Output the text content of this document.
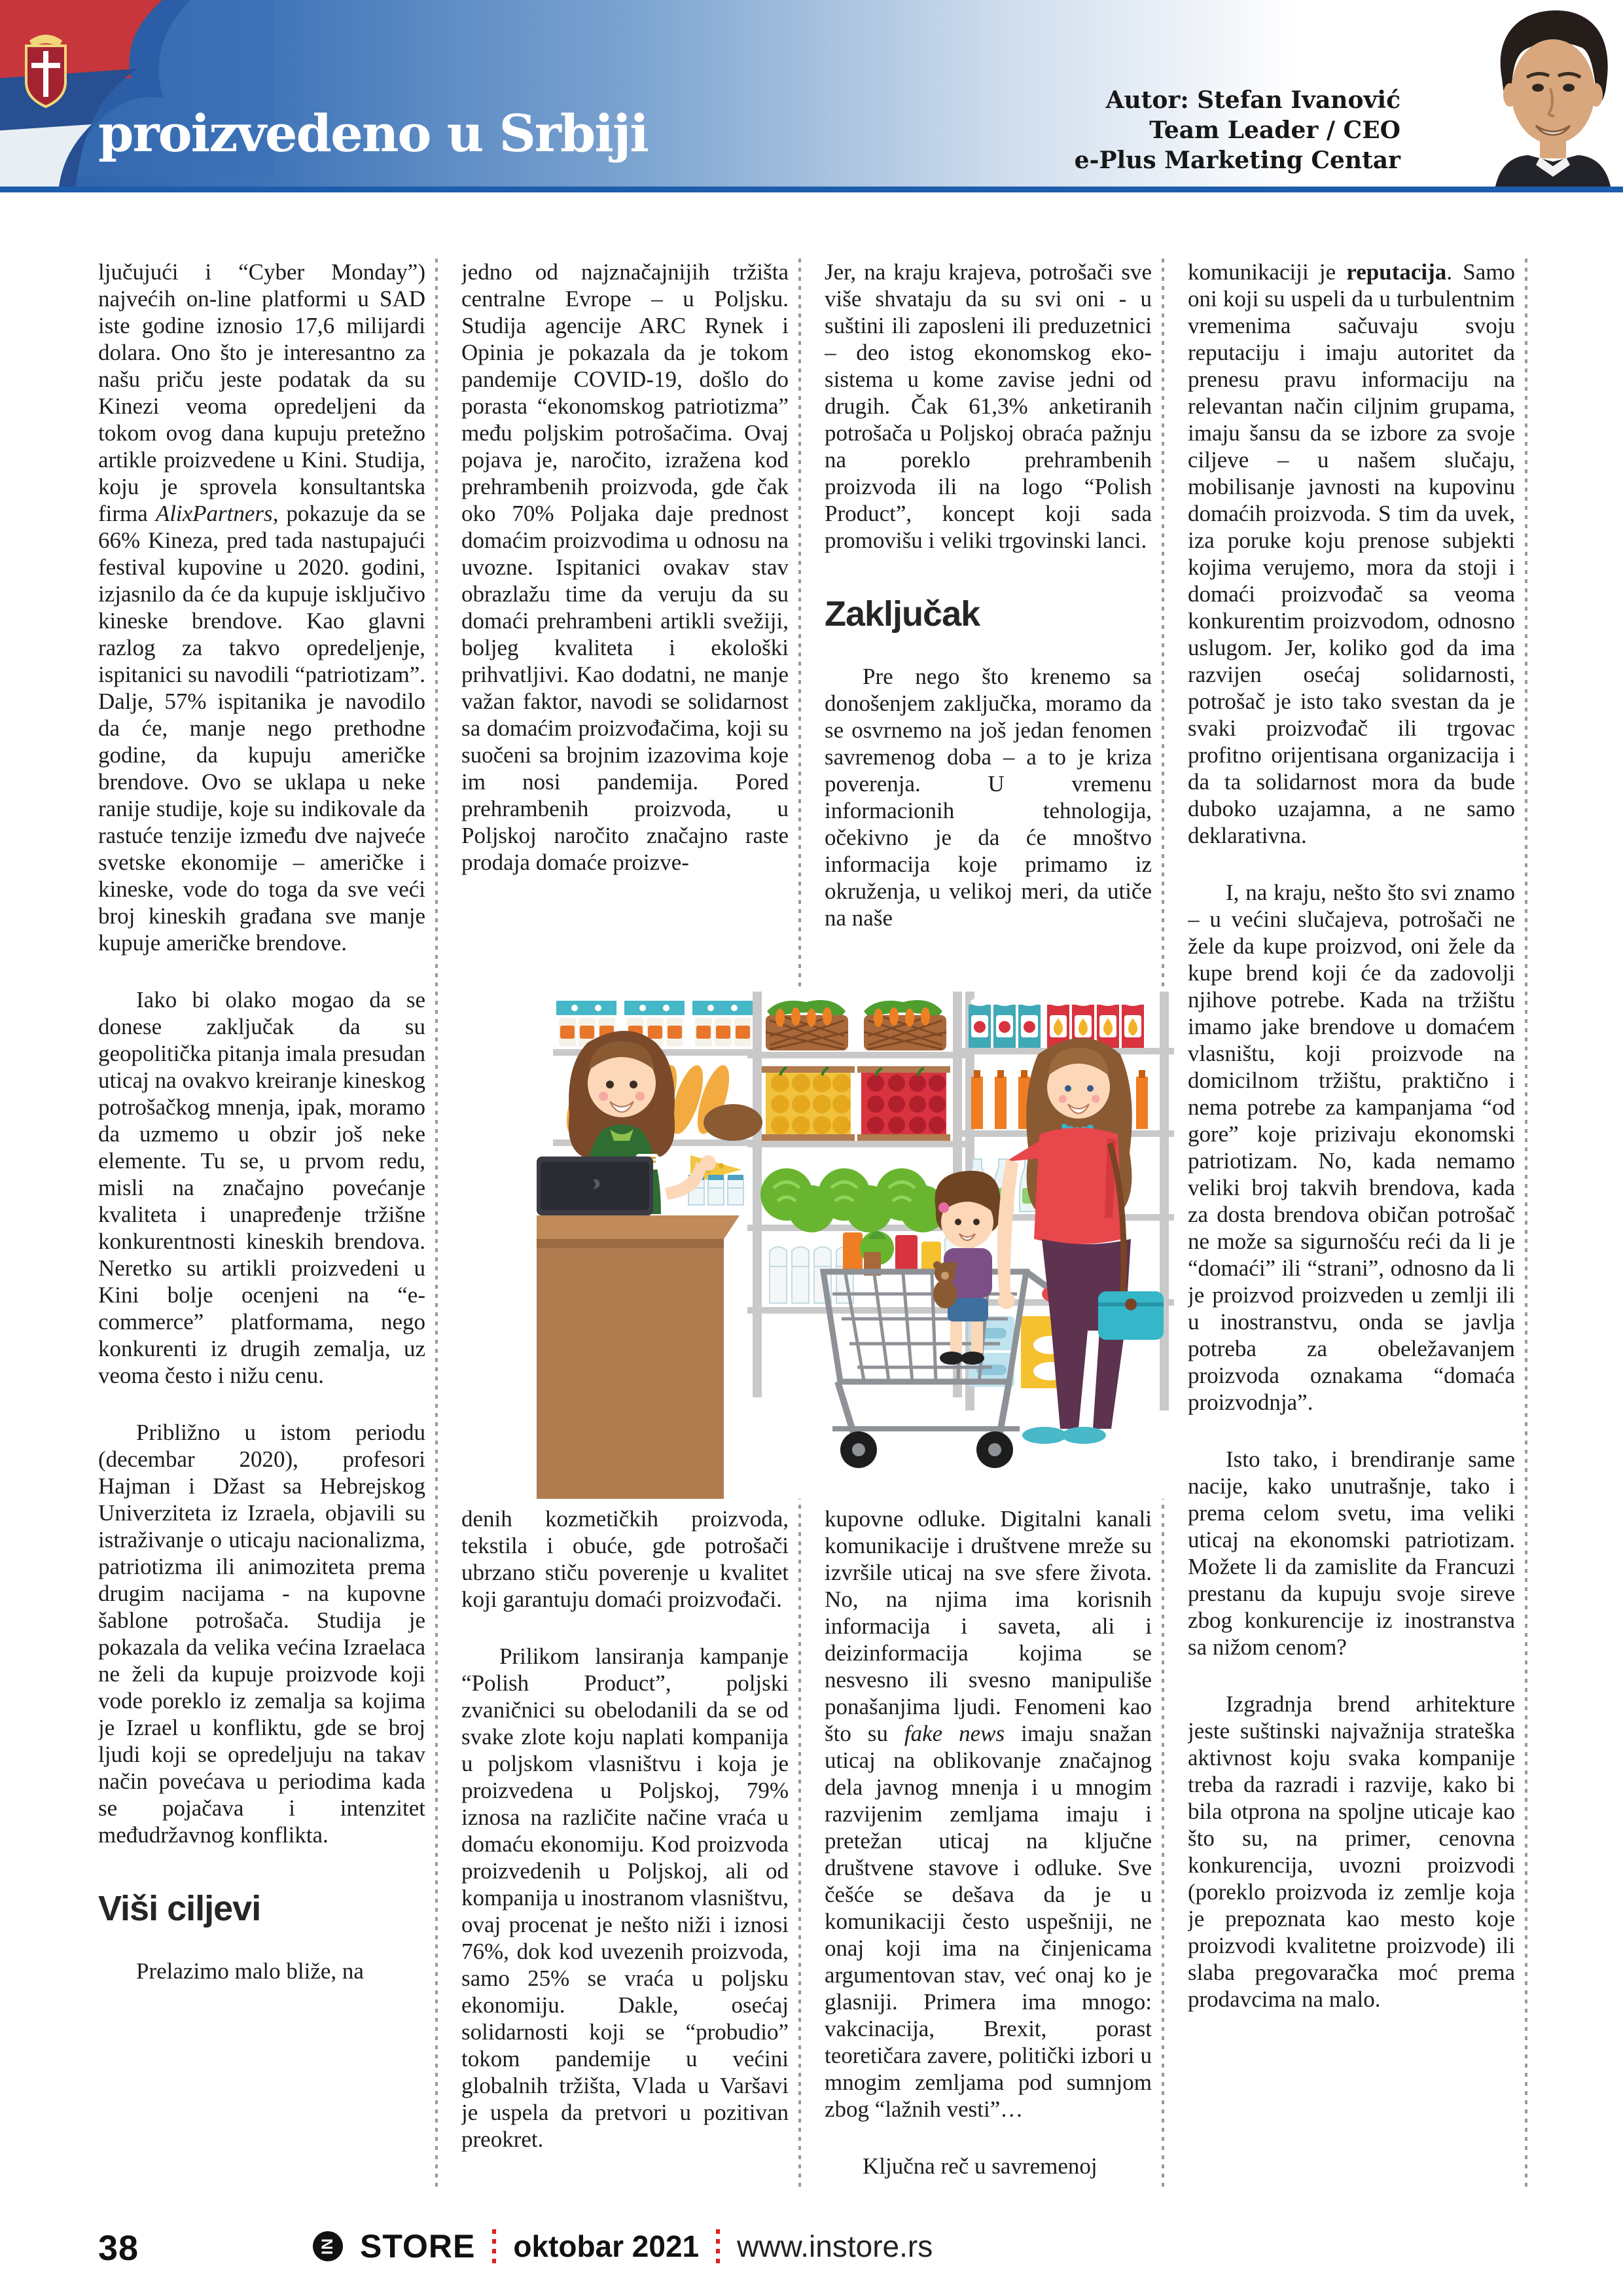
proizvedeno u Srbiji
Autor: Stefan Ivanović
Team Leader / CEO
e-Plus Marketing Centar

ljučujući i “Cyber Monday”) najvećih on-line platformi u SAD iste godine iznosio 17,6 milijardi dolara. Ono što je interesantno za našu priču jeste podatak da su Kinezi veoma opredeljeni da tokom ovog dana kupuju pretežno artikle proizvedene u Kini. Studija, koju je sprovela konsultantska firma AlixPartners, pokazuje da se 66% Kineza, pred tada nastupajući festival kupovine u 2020. godini, izjasnilo da će da kupuje isključivo kineske brendove. Kao glavni razlog za takvo opredeljenje, ispitanici su navodili “patriotizam”. Dalje, 57% ispitanika je navodilo da će, manje nego prethodne godine, da kupuju američke brendove. Ovo se uklapa u neke ranije studije, koje su indikovale da rastuće tenzije između dve najveće svetske ekonomije – američke i kineske, vode do toga da sve veći broj kineskih građana sve manje kupuje američke brendove.

Iako bi olako mogao da se donese zaključak da su geopolitička pitanja imala presudan uticaj na ovakvo kreiranje kineskog potrošačkog mnenja, ipak, moramo da uzmemo u obzir još neke elemente. Tu se, u prvom redu, misli na značajno povećanje kvaliteta i unapređenje tržišne konkurentnosti kineskih brendova. Neretko su artikli proizvedeni u Kini bolje ocenjeni na “e-commerce” platformama, nego konkurenti iz drugih zemalja, uz veoma često i nižu cenu.

Približno u istom periodu (decembar 2020), profesori Hajman i Džast sa Hebrejskog Univerziteta iz Izraela, objavili su istraživanje o uticaju nacionalizma, patriotizma ili animoziteta prema drugim nacijama - na kupovne šablone potrošača. Studija je pokazala da velika većina Izraelaca ne želi da kupuje proizvode koji vode poreklo iz zemalja sa kojima je Izrael u konfliktu, gde se broj ljudi koji se opredeljuju na takav način povećava u periodima kada se pojačava i intenzitet međudržavnog konflikta.

Viši ciljevi

Prelazimo malo bliže, na

jedno od najznačajnijih tržišta centralne Evrope – u Poljsku. Studija agencije ARC Rynek i Opinia je pokazala da je tokom pandemije COVID-19, došlo do porasta “ekonomskog patriotizma” među poljskim potrošačima. Ovaj pojava je, naročito, izražena kod prehrambenih proizvoda, gde čak oko 70% Poljaka daje prednost domaćim proizvodima u odnosu na uvozne. Ispitanici ovakav stav obrazlažu time da veruju da su domaći prehrambeni artikli svežiji, boljeg kvaliteta i ekološki prihvatljivi. Kao dodatni, ne manje važan faktor, navodi se solidarnost sa domaćim proizvođačima, koji su suočeni sa brojnim izazovima koje im nosi pandemija. Pored prehrambenih proizvoda, u Poljskoj naročito značajno raste prodaja domaće proizve-

denih kozmetičkih proizvoda, tekstila i obuće, gde potrošači ubrzano stiču poverenje u kvalitet koji garantuju domaći proizvođači.

Prilikom lansiranja kampanje “Polish Product”, poljski zvaničnici su obelodanili da se od svake zlote koju naplati kompanija u poljskom vlasništvu i koja je proizvedena u Poljskoj, 79% iznosa na različite načine vraća u domaću ekonomiju. Kod proizvoda proizvedenih u Poljskoj, ali od kompanija u inostranom vlasništvu, ovaj procenat je nešto niži i iznosi 76%, dok kod uvezenih proizvoda, samo 25% se vraća u poljsku ekonomiju. Dakle, osećaj solidarnosti koji se “probudio” tokom pandemije u većini globalnih tržišta, Vlada u Varšavi je uspela da pretvori u pozitivan preokret.

Jer, na kraju krajeva, potrošači sve više shvataju da su svi oni - u suštini ili zaposleni ili preduzetnici – deo istog ekonomskog eko-sistema u kome zavise jedni od drugih. Čak 61,3% anketiranih potrošača u Poljskoj obraća pažnju na poreklo prehrambenih proizvoda ili na logo “Polish Product”, koncept koji sada promovišu i veliki trgovinski lanci.

Zaključak

Pre nego što krenemo sa donošenjem zaključka, moramo da se osvrnemo na još jedan fenomen savremenog doba – a to je kriza poverenja. U vremenu informacionih tehnologija, očekivno je da će mnoštvo informacija koje primamo iz okruženja, u velikoj meri, da utiče na naše

kupovne odluke. Digitalni kanali komunikacije i društvene mreže su izvršile uticaj na sve sfere života. No, na njima ima korisnih informacija i saveta, ali i deizinformacija kojima se nesvesno ili svesno manipuliše ponašanjima ljudi. Fenomeni kao što su fake news imaju snažan uticaj na oblikovanje značajnog dela javnog mnenja i u mnogim razvijenim zemljama imaju i pretežan uticaj na ključne društvene stavove i odluke. Sve češće se dešava da je u komunikaciji često uspešniji, ne onaj koji ima na činjenicama argumentovan stav, već onaj ko je glasniji. Primera ima mnogo: vakcinacija, Brexit, porast teoretičara zavere, politički izbori u mnogim zemljama pod sumnjom zbog “lažnih vesti”…

Ključna reč u savremenoj

komunikaciji je reputacija. Samo oni koji su uspeli da u turbulentnim vremenima sačuvaju svoju reputaciju i imaju autoritet da prenesu pravu informaciju na relevantan način ciljnim grupama, imaju šansu da se izbore za svoje ciljeve – u našem slučaju, mobilisanje javnosti na kupovinu domaćih proizvoda. S tim da uvek, iza poruke koju prenose subjekti kojima verujemo, mora da stoji i domaći proizvođač sa veoma konkurentim proizvodom, odnosno uslugom. Jer, koliko god da ima razvijen osećaj solidarnosti, potrošač je isto tako svestan da je svaki proizvođač ili trgovac profitno orijentisana organizacija i da ta solidarnost mora da bude duboko uzajamna, a ne samo deklarativna.

I, na kraju, nešto što svi znamo – u većini slučajeva, potrošači ne žele da kupe proizvod, oni žele da kupe brend koji će da zadovolji njihove potrebe. Kada na tržištu imamo jake brendove u domaćem vlasništu, koji proizvode na domicilnom tržištu, praktično i nema potrebe za kampanjama “od gore” koje prizivaju ekonomski patriotizam. No, kada nemamo veliki broj takvih brendova, kada za dosta brendova običan potrošač ne može sa sigurnošću reći da li je “domaći” ili “strani”, odnosno da li je proizvod proizveden u zemlji ili u inostranstvu, onda se javlja potreba za obeležavanjem proizvoda oznakama “domaća proizvodnja”.

Isto tako, i brendiranje same nacije, kako unutrašnje, tako i prema celom svetu, ima veliki uticaj na ekonomski patriotizam. Možete li da zamislite da Francuzi prestanu da kupuju svoje sireve zbog konkurencije iz inostranstva sa nižom cenom?

Izgradnja brend arhitekture jeste suštinski najvažnija strateška aktivnost koju svaka kompanije treba da razradi i razvije, kako bi bila otprona na spoljne uticaje kao što su, na primer, cenovna konkurencija, uvozni proizvodi (poreklo proizvoda iz zemlje koja je prepoznata kao mesto koje proizvodi kvalitetne proizvode) ili slaba pregovaračka moć prema prodavcima na malo.

38	IN STORE oktobar 2021 www.instore.rs
